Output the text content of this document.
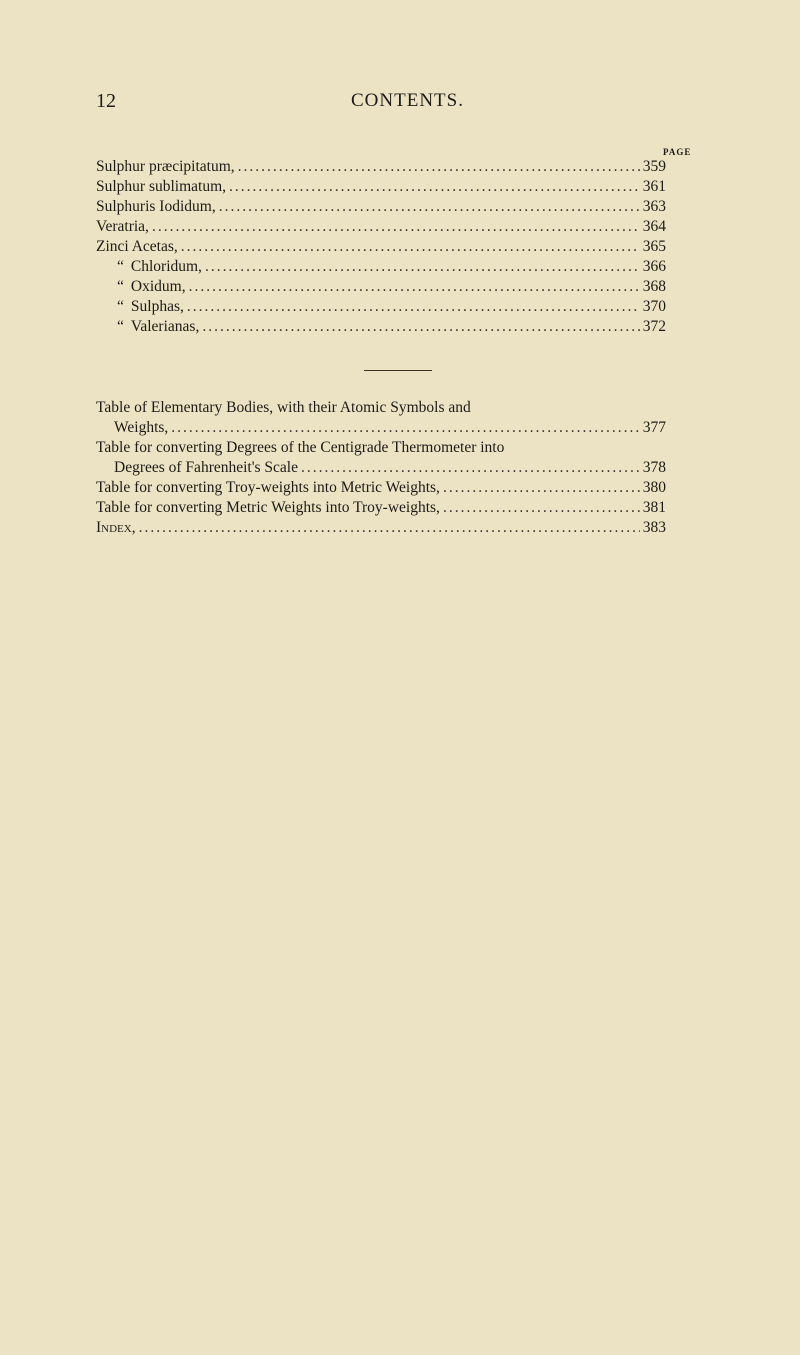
12	CONTENTS.
PAGE
Sulphur præcipitatum, .....	359
Sulphur sublimatum, .....	361
Sulphuris Iodidum, .....	363
Veratria, .....	364
Zinci Acetas, .....	365
“ Chloridum, .....	366
“ Oxidum, .....	368
“ Sulphas, .....	370
“ Valerianas, .....	372
Table of Elementary Bodies, with their Atomic Symbols and
Weights, .....	377
Table for converting Degrees of the Centigrade Thermometer into
Degrees of Fahrenheit's Scale .....	378
Table for converting Troy-weights into Metric Weights, .....	380
Table for converting Metric Weights into Troy-weights, .....	381
Index, .....	383
